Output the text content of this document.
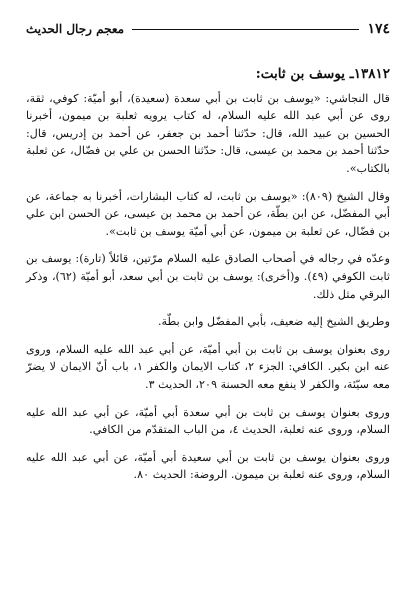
١٧٤
معجم رجال الحديث
١٣٨١٢ـ يوسف بن ثابت:

قال النجاشي: «يوسف بن ثابت بن أبي سعدة (سعيدة)، أبو أميّة: كوفي، ثقة، روى عن أبي عبد الله عليه السلام، له كتاب يرويه ثعلبة بن ميمون، أخبرنا الحسين بن عبيد الله، قال: حدّثنا أحمد بن جعفر، عن أحمد بن إدريس، قال: حدّثنا أحمد بن محمد بن عيسى، قال: حدّثنا الحسن بن علي بن فضّال، عن ثعلبة بالكتاب».

وقال الشيخ (٨٠٩): «يوسف بن ثابت، له كتاب البشارات، أخبرنا به جماعة، عن أبي المفضّل، عن ابن بطّة، عن أحمد بن محمد بن عيسى، عن الحسن ابن علي بن فضّال، عن ثعلبة بن ميمون، عن أبي أميّة يوسف بن ثابت».

وعدّه في رجاله في أصحاب الصادق عليه السلام مرّتين، قائلاً (تارة): يوسف بن ثابت الكوفي (٤٩). و(أخرى): يوسف بن ثابت بن أبي سعد، أبو أميّة (٦٢)، وذكر البرقي مثل ذلك.

وطريق الشيخ إليه ضعيف، بأبي المفضّل وابن بطّة.

روى بعنوان يوسف بن ثابت بن أبي أميّة، عن أبي عبد الله عليه السلام، وروى عنه ابن بكير. الكافي: الجزء ٢، كتاب الايمان والكفر ١، باب أنّ الايمان لا يضرّ معه سيّئة، والكفر لا ينفع معه الحسنة ٢٠٩، الحديث ٣.

وروى بعنوان يوسف بن ثابت بن أبي سعدة أبي أميّة، عن أبي عبد الله عليه السلام، وروى عنه ثعلبة، الحديث ٤، من الباب المتقدّم من الكافي.

وروى بعنوان يوسف بن ثابت بن أبي سعيدة أبي أميّة، عن أبي عبد الله عليه السلام، وروى عنه ثعلبة بن ميمون. الروضة: الحديث ٨٠.
